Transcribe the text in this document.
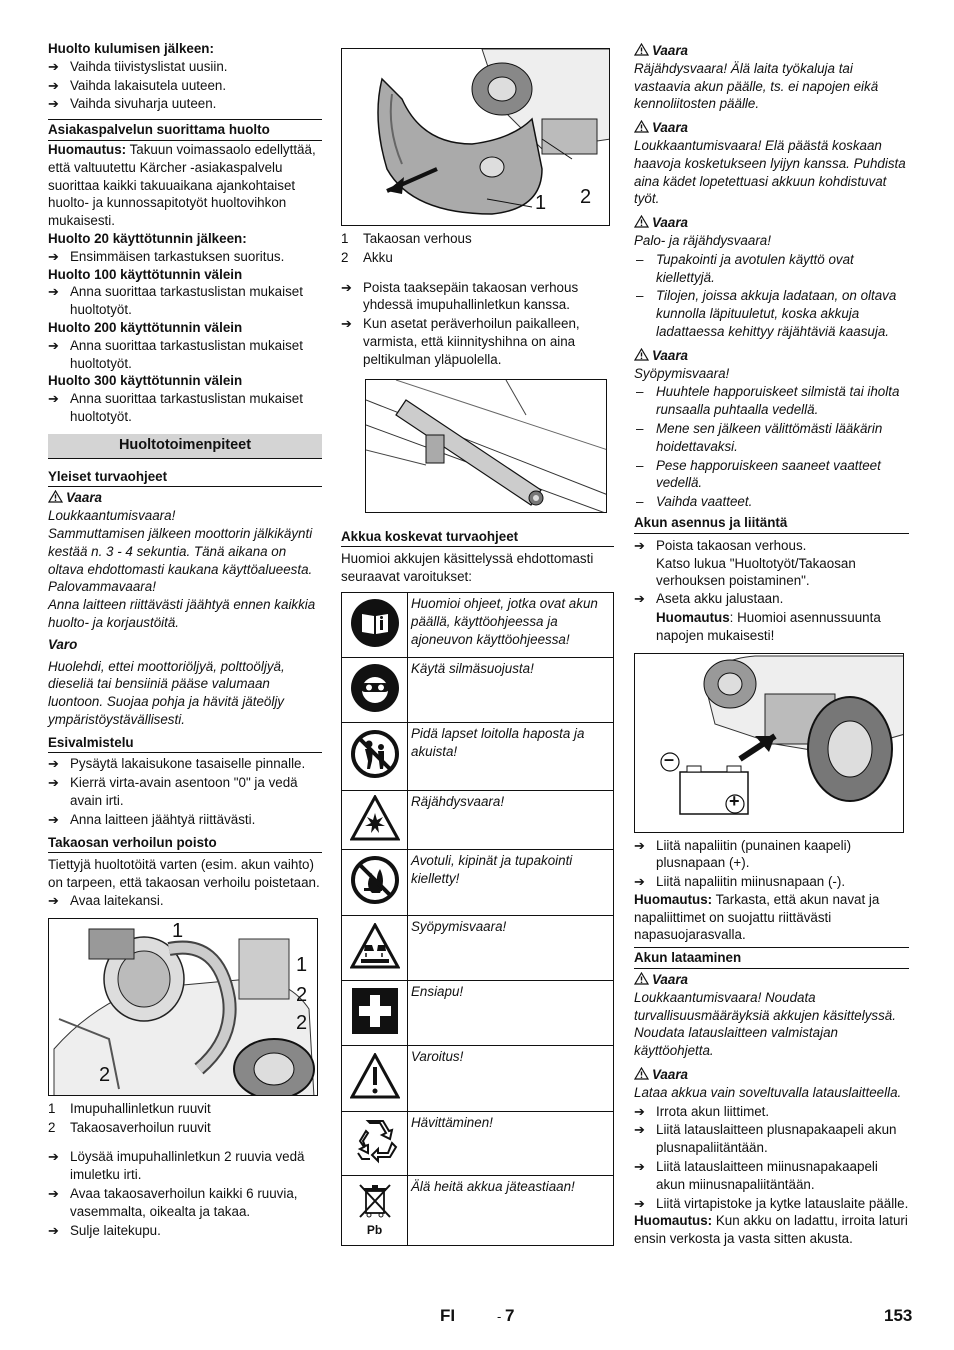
Huolto kulumisen jälkeen:
➔ Vaihda tiivistyslistat uusiin.
➔ Vaihda lakaisutela uuteen.
➔ Vaihda sivuharja uuteen.
Asiakaspalvelun suorittama huolto
Huomautus: Takuun voimassaolo edellyttää, että valtuutettu Kärcher -asiakaspalvelu suorittaa kaikki takuuaikana ajankohtaiset huolto- ja kunnossapitotyöt huoltovihkon mukaisesti.
Huolto 20 käyttötunnin jälkeen:
➔ Ensimmäisen tarkastuksen suoritus.
Huolto 100 käyttötunnin välein
➔ Anna suorittaa tarkastuslistan mukaiset huoltotyöt.
Huolto 200 käyttötunnin välein
➔ Anna suorittaa tarkastuslistan mukaiset huoltotyöt.
Huolto 300 käyttötunnin välein
➔ Anna suorittaa tarkastuslistan mukaiset huoltotyöt.
Huoltotoimenpiteet
Yleiset turvaohjeet
Vaara
Loukkaantumisvaara!
Sammuttamisen jälkeen moottorin jälkikäynti kestää n. 3 - 4 sekuntia. Tänä aikana on oltava ehdottomasti kaukana käyttöalueesta.
Palovammavaara!
Anna laitteen riittävästi jäähtyä ennen kaikkia huolto- ja korjaustöitä.
Varo
Huolehdi, ettei moottoriöljyä, polttoöljyä, dieseliä tai bensiiniä pääse valumaan luontoon. Suojaa pohja ja hävitä jäteöljy ympäristöystävällisesti.
Esivalmistelu
➔ Pysäytä lakaisukone tasaiselle pinnalle.
➔ Kierrä virta-avain asentoon "0" ja vedä avain irti.
➔ Anna laitteen jäähtyä riittävästi.
Takaosan verhoilun poisto
Tiettyjä huoltotöitä varten (esim. akun vaihto) on tarpeen, että takaosan verhoilu poistetaan.
➔ Avaa laitekansi.
1
1
2
2
2
1 Imupuhallinletkun ruuvit
2 Takaosaverhoilun ruuvit
➔ Löysää imupuhallinletkun 2 ruuvia vedä imuletku irti.
➔ Avaa takaosaverhoilun kaikki 6 ruuvia, vasemmalta, oikealta ja takaa.
➔ Sulje laitekupu.
1 2
1 Takaosan verhous
2 Akku
➔ Poista taaksepäin takaosan verhous yhdessä imupuhallinletkun kanssa.
➔ Kun asetat peräverhoilun paikalleen, varmista, että kiinnityshihna on aina peltikulman yläpuolella.
Akkua koskevat turvaohjeet
Huomioi akkujen käsittelyssä ehdottomasti seuraavat varoitukset:
	Huomioi ohjeet, jotka ovat akun päällä, käyttöohjeessa ja ajoneuvon käyttöohjeessa!
	Käytä silmäsuojusta!
	Pidä lapset loitolla haposta ja akuista!
	Räjähdysvaara!
	Avotuli, kipinät ja tupakointi kielletty!
	Syöpymisvaara!
	Ensiapu!
	Varoitus!
	Hävittäminen!

Pb	Älä heitä akkua jäteastiaan!
Vaara
Räjähdysvaara! Älä laita työkaluja tai vastaavia akun päälle, ts. ei napojen eikä kennoliitosten päälle.
Vaara
Loukkaantumisvaara! Elä päästä koskaan haavoja kosketukseen lyijyn kanssa. Puhdista aina kädet lopetettuasi akkuun kohdistuvat työt.
Vaara
Palo- ja räjähdysvaara!
– Tupakointi ja avotulen käyttö ovat kiellettyjä.
– Tilojen, joissa akkuja ladataan, on oltava kunnolla läpituuletut, koska akkuja ladattaessa kehittyy räjähtäviä kaasuja.
Vaara
Syöpymisvaara!
– Huuhtele happoruiskeet silmistä tai iholta runsaalla puhtaalla vedellä.
– Mene sen jälkeen välittömästi lääkärin hoidettavaksi.
– Pese happoruiskeen saaneet vaatteet vedellä.
– Vaihda vaatteet.
Akun asennus ja liitäntä
➔ Poista takaosan verhous.
Katso lukua "Huoltotyöt/Takaosan verhouksen poistaminen".
➔ Aseta akku jalustaan.
Huomautus: Huomioi asennussuunta napojen mukaisesti!
–
+
➔ Liitä napaliitin (punainen kaapeli) plusnapaan (+).
➔ Liitä napaliitin miinusnapaan (-).
Huomautus: Tarkasta, että akun navat ja napaliittimet on suojattu riittävästi napasuojarasvalla.
Akun lataaminen
Vaara
Loukkaantumisvaara! Noudata turvallisuusmääräyksiä akkujen käsittelyssä. Noudata latauslaitteen valmistajan käyttöohjetta.
Vaara
Lataa akkua vain soveltuvalla latauslaitteella.
➔ Irrota akun liittimet.
➔ Liitä latauslaitteen plusnapakaapeli akun plusnapaliitäntään.
➔ Liitä latauslaitteen miinusnapakaapeli akun miinusnapaliitäntään.
➔ Liitä virtapistoke ja kytke latauslaite päälle.
Huomautus: Kun akku on ladattu, irroita laturi ensin verkosta ja vasta sitten akusta.
FI	- 7	153
